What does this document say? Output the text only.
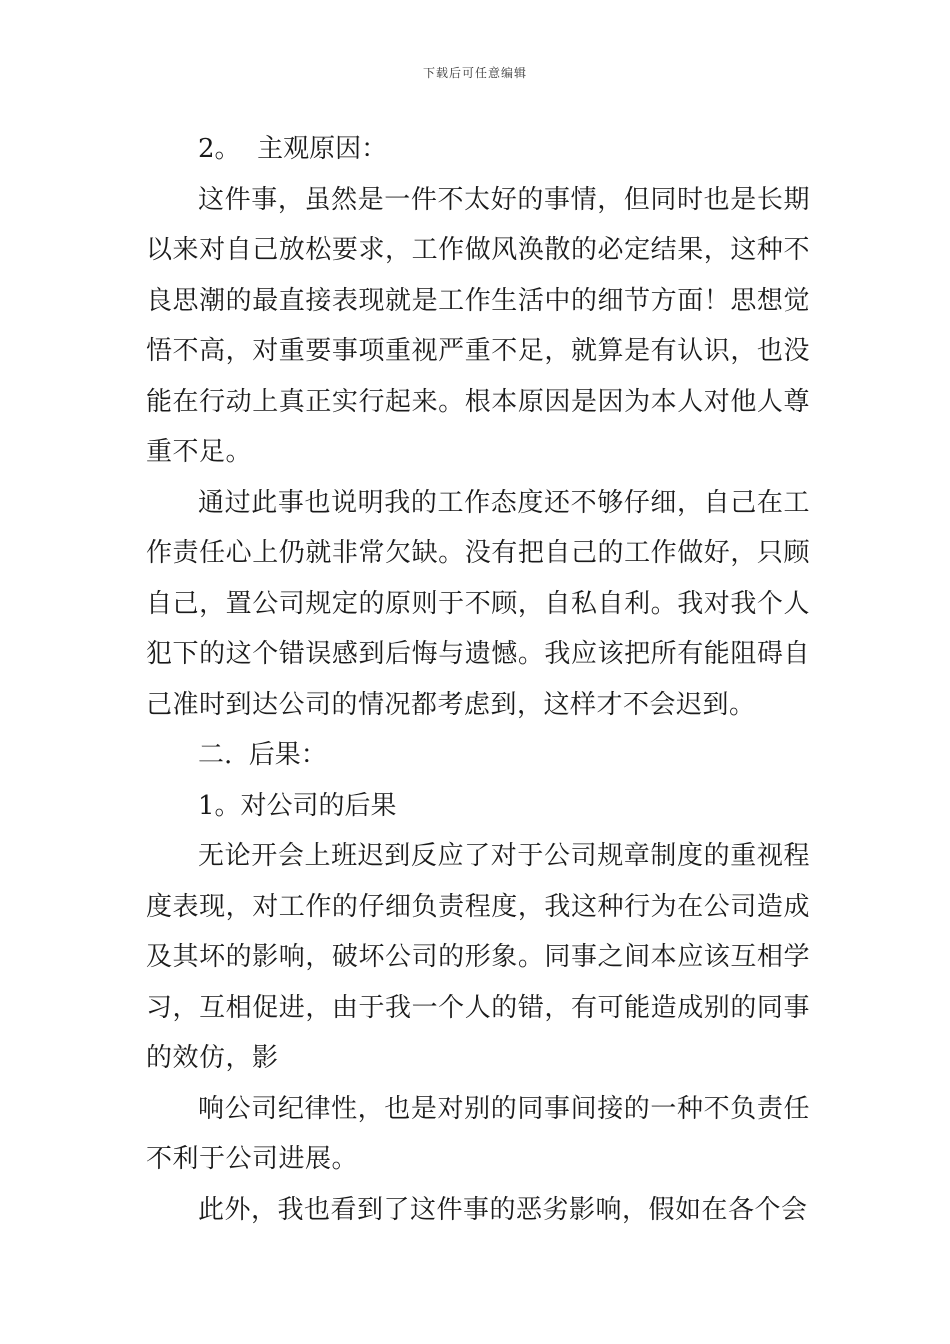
下载后可任意编辑

2。  主观原因：

这件事，虽然是一件不太好的事情，但同时也是长期以来对自己放松要求，工作做风涣散的必定结果，这种不良思潮的最直接表现就是工作生活中的细节方面！思想觉悟不高，对重要事项重视严重不足，就算是有认识，也没能在行动上真正实行起来。根本原因是因为本人对他人尊重不足。

通过此事也说明我的工作态度还不够仔细，自己在工作责任心上仍就非常欠缺。没有把自己的工作做好，只顾自己，置公司规定的原则于不顾，自私自利。我对我个人犯下的这个错误感到后悔与遗憾。我应该把所有能阻碍自己准时到达公司的情况都考虑到，这样才不会迟到。

二.  后果：

1。对公司的后果

无论开会上班迟到反应了对于公司规章制度的重视程度表现，对工作的仔细负责程度，我这种行为在公司造成及其坏的影响，破坏公司的形象。同事之间本应该互相学习，互相促进，由于我一个人的错，有可能造成别的同事的效仿，影

响公司纪律性，也是对别的同事间接的一种不负责任不利于公司进展。

此外，我也看到了这件事的恶劣影响，假如在各个会
